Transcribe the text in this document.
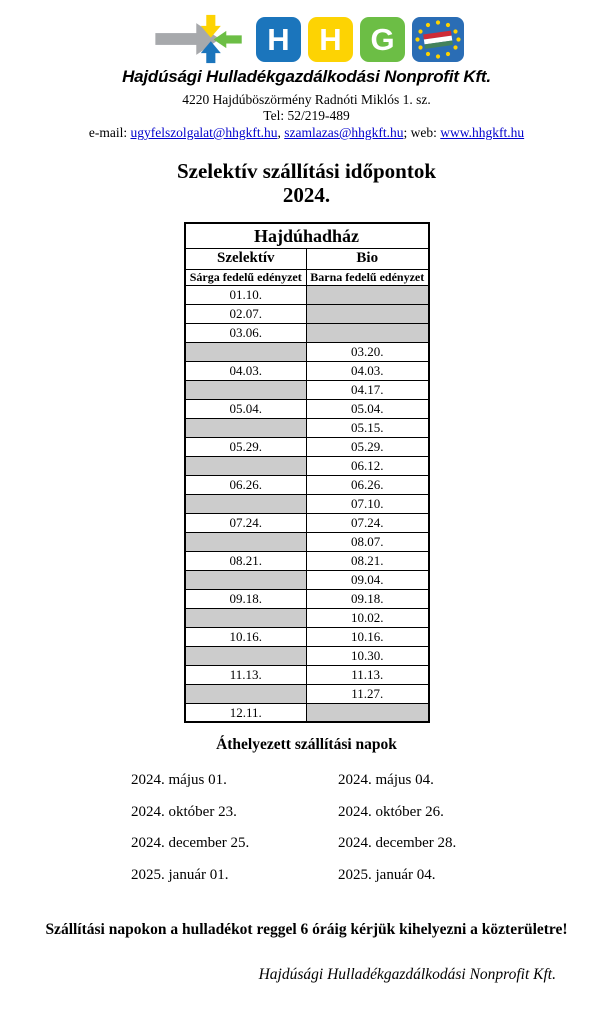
H H G
Hajdúsági Hulladékgazdálkodási Nonprofit Kft.
4220 Hajdúböszörmény Radnóti Miklós 1. sz.
Tel: 52/219-489
e-mail: ugyfelszolgalat@hhgkft.hu, szamlazas@hhgkft.hu; web: www.hhgkft.hu
Szelektív szállítási időpontok
2024.
Hajdúhadház	
Szelektív	Bio
Sárga fedelű edényzet	Barna fedelű edényzet
01.10.	
02.07.	
03.06.	
	03.20.
04.03.	04.03.
	04.17.
05.04.	05.04.
	05.15.
05.29.	05.29.
	06.12.
06.26.	06.26.
	07.10.
07.24.	07.24.
	08.07.
08.21.	08.21.
	09.04.
09.18.	09.18.
	10.02.
10.16.	10.16.
	10.30.
11.13.	11.13.
	11.27.
12.11.	
Áthelyezett szállítási napok
2024. május 01.	2024. május 04.
2024. október 23.	2024. október 26.
2024. december 25.	2024. december 28.
2025. január 01.	2025. január 04.
Szállítási napokon a hulladékot reggel 6 óráig kérjük kihelyezni a közterületre!
Hajdúsági Hulladékgazdálkodási Nonprofit Kft.
